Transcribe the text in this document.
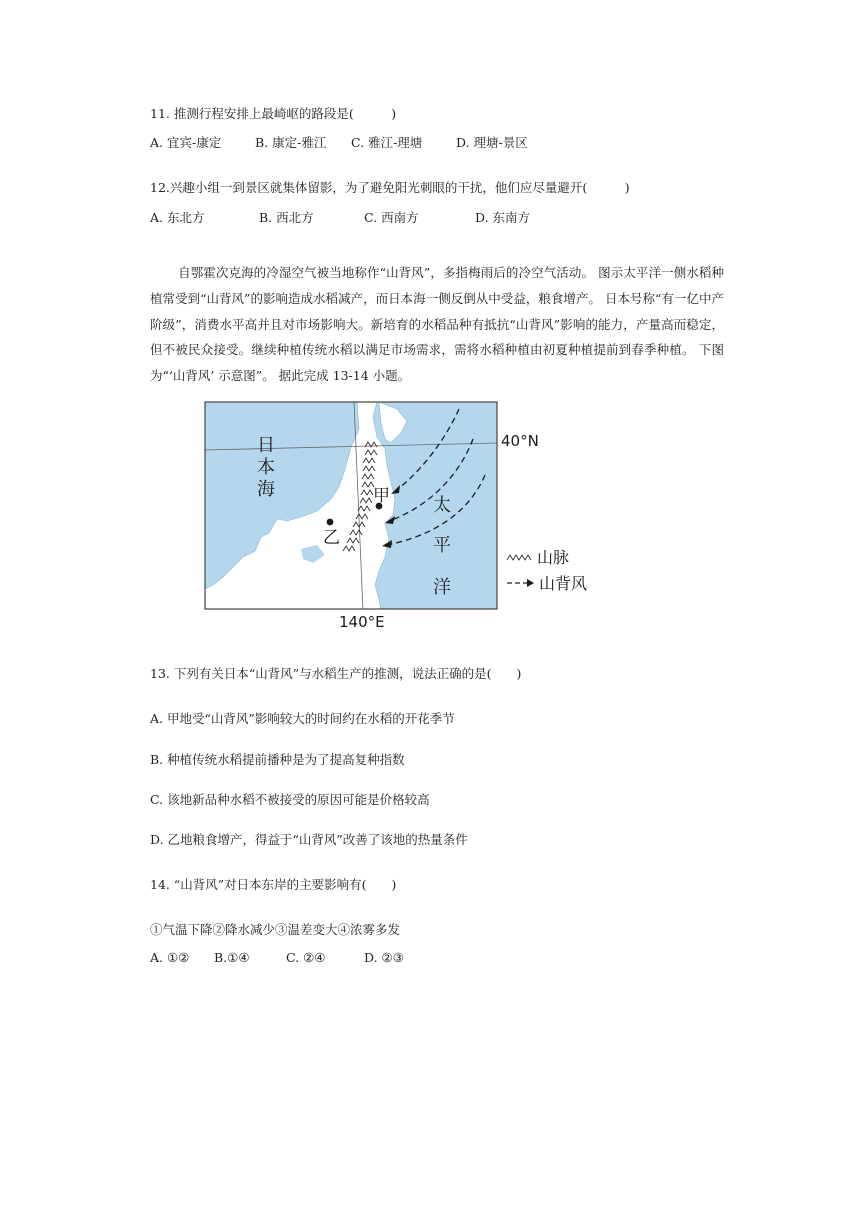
11. 推测行程安排上最崎岖的路段是(　　　)
A. 宜宾-康定	B. 康定-雅江 C. 雅江-理塘	D. 理塘-景区
12.兴趣小组一到景区就集体留影，为了避免阳光刺眼的干扰，他们应尽量避开(　　　)
A. 东北方	B. 西北方	C. 西南方	D. 东南方
自鄂霍次克海的冷湿空气被当地称作“山背风”，多指梅雨后的冷空气活动。 图示太平洋一侧水稻种植常受到“山背风”的影响造成水稻减产，而日本海一侧反倒从中受益，粮食增产。 日本号称“有一亿中产阶级”，消费水平高并且对市场影响大。新培育的水稻品种有抵抗“山背风”影响的能力，产量高而稳定，但不被民众接受。继续种植传统水稻以满足市场需求，需将水稻种植由初夏种植提前到春季种植。 下图为“‘山背风’ 示意图”。 据此完成 13-14 小题。
40°N
140°E
日
本
海
太
平
洋
甲
乙
山脉
山背风
13. 下列有关日本“山背风”与水稻生产的推测，说法正确的是(　　)
A. 甲地受“山背风”影响较大的时间约在水稻的开花季节
B. 种植传统水稻提前播种是为了提高复种指数
C. 该地新品种水稻不被接受的原因可能是价格较高
D. 乙地粮食增产，得益于“山背风”改善了该地的热量条件
14. “山背风”对日本东岸的主要影响有(　　)
①气温下降②降水减少③温差变大④浓雾多发
A. ①② B.①④	C. ②④	D. ②③
